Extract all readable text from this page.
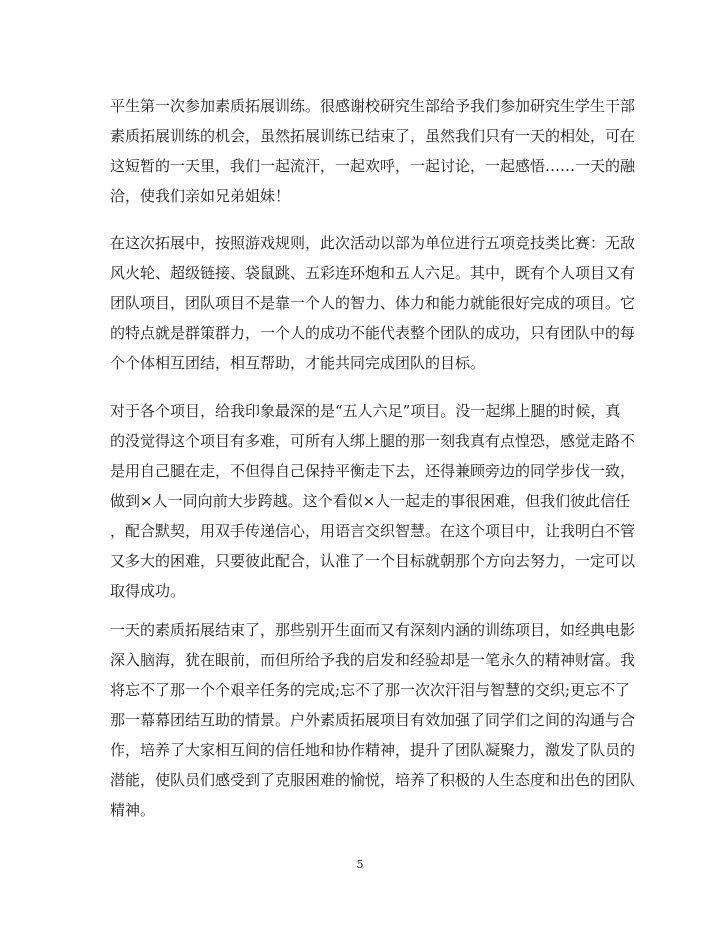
平生第一次参加素质拓展训练。很感谢校研究生部给予我们参加研究生学生干部
素质拓展训练的机会，虽然拓展训练已结束了，虽然我们只有一天的相处，可在
这短暂的一天里，我们一起流汗，一起欢呼，一起讨论，一起感悟……一天的融
洽，使我们亲如兄弟姐妹！

在这次拓展中，按照游戏规则，此次活动以部为单位进行五项竞技类比赛：无敌
风火轮、超级链接、袋鼠跳、五彩连环炮和五人六足。其中，既有个人项目又有
团队项目，团队项目不是靠一个人的智力、体力和能力就能很好完成的项目。它
的特点就是群策群力，一个人的成功不能代表整个团队的成功，只有团队中的每
个个体相互团结，相互帮助，才能共同完成团队的目标。

对于各个项目，给我印象最深的是“五人六足”项目。没一起绑上腿的时候，真
的没觉得这个项目有多难，可所有人绑上腿的那一刻我真有点惶恐，感觉走路不
是用自己腿在走，不但得自己保持平衡走下去，还得兼顾旁边的同学步伐一致，
做到×人一同向前大步跨越。这个看似×人一起走的事很困难，但我们彼此信任
，配合默契，用双手传递信心，用语言交织智慧。在这个项目中，让我明白不管
又多大的困难，只要彼此配合，认准了一个目标就朝那个方向去努力，一定可以
取得成功。

一天的素质拓展结束了，那些别开生面而又有深刻内涵的训练项目，如经典电影
深入脑海，犹在眼前，而但所给予我的启发和经验却是一笔永久的精神财富。我
将忘不了那一个个艰辛任务的完成;忘不了那一次次汗泪与智慧的交织;更忘不了
那一幕幕团结互助的情景。户外素质拓展项目有效加强了同学们之间的沟通与合
作，培养了大家相互间的信任地和协作精神，提升了团队凝聚力，激发了队员的
潜能，使队员们感受到了克服困难的愉悦，培养了积极的人生态度和出色的团队
精神。

5
